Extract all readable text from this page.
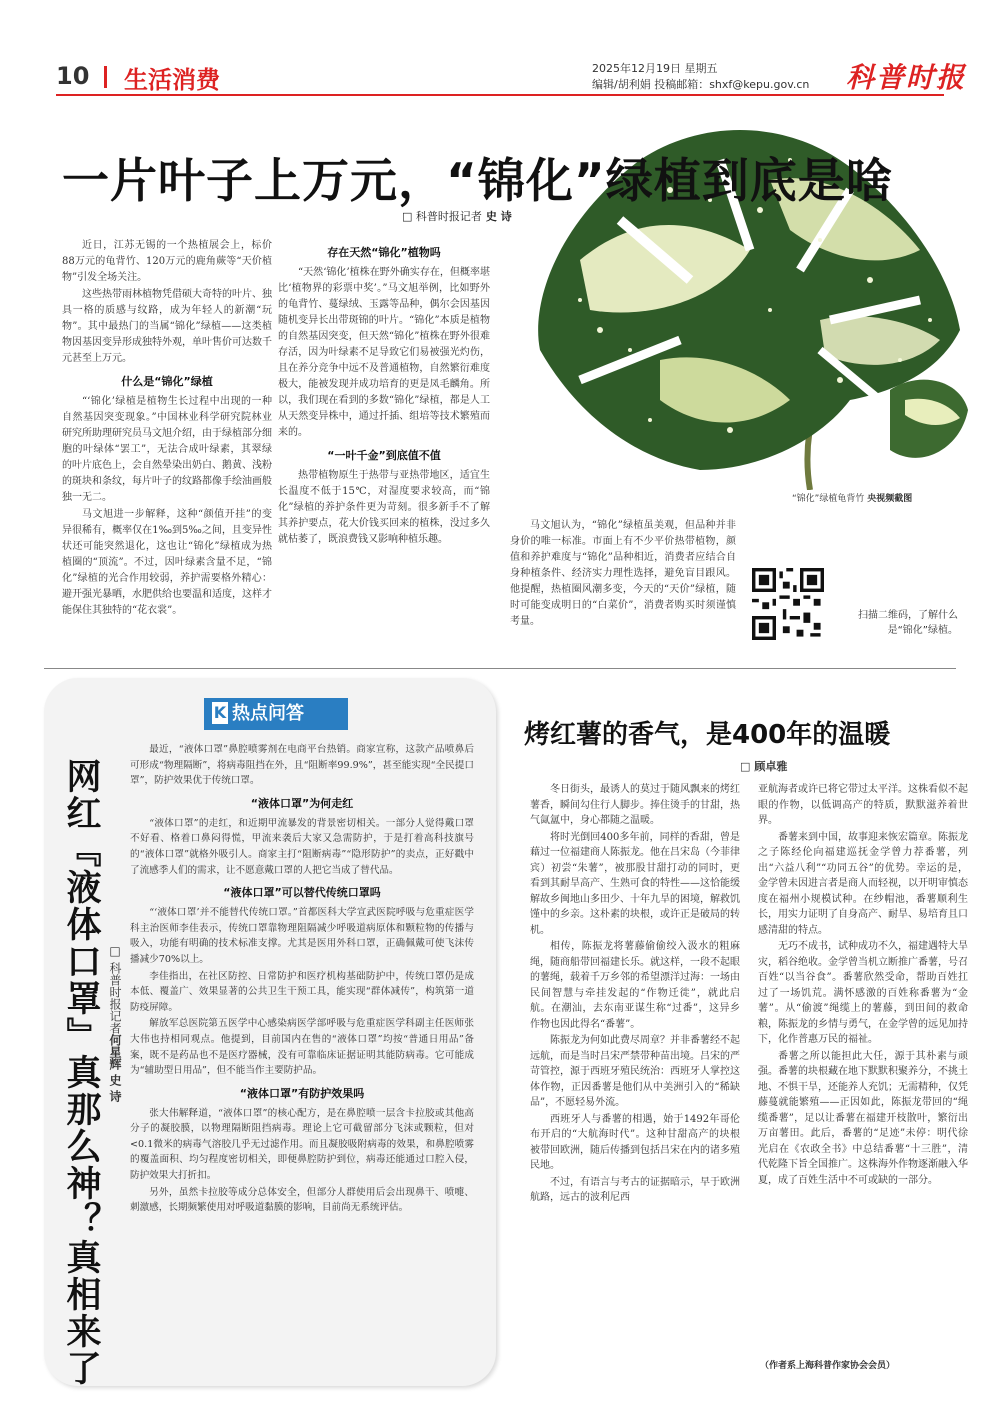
10 生活消费	2025年12月19日 星期五
编辑/胡利娟 投稿邮箱：shxf@kepu.gov.cn 科普时报
一片叶子上万元，“锦化”绿植到底是啥
□ 科普时报记者 史 诗

近日，江苏无锡的一个热植展会上，标价88万元的龟背竹、120万元的鹿角蕨等“天价植物”引发全场关注。

这些热带雨林植物凭借硕大奇特的叶片、独具一格的质感与纹路，成为年轻人的新潮“玩物”。其中最热门的当属“锦化”绿植——这类植物因基因变异形成独特外观，单叶售价可达数千元甚至上万元。

什么是“锦化”绿植

“‘锦化’绿植是植物生长过程中出现的一种自然基因突变现象。”中国林业科学研究院林业研究所助理研究员马文旭介绍，由于绿植部分细胞的叶绿体“罢工”，无法合成叶绿素，其翠绿的叶片底色上，会自然晕染出奶白、鹅黄、浅粉的斑块和条纹，每片叶子的纹路都像手绘油画般独一无二。

马文旭进一步解释，这种“颜值开挂”的变异很稀有，概率仅在1‰到5‰之间，且变异性状还可能突然退化，这也让“锦化”绿植成为热植圈的“顶流”。不过，因叶绿素含量不足，“锦化”绿植的光合作用较弱，养护需要格外精心：避开强光暴晒，水肥供给也要温和适度，这样才能保住其独特的“花衣裳”。

存在天然“锦化”植物吗

“天然‘锦化’植株在野外确实存在，但概率堪比‘植物界的彩票中奖’。”马文旭举例，比如野外的龟背竹、蔓绿绒、玉露等品种，偶尔会因基因随机变异长出带斑锦的叶片。“锦化”本质是植物的自然基因突变，但天然“锦化”植株在野外很难存活，因为叶绿素不足导致它们易被强光灼伤，且在养分竞争中远不及普通植物，自然繁衍难度极大，能被发现并成功培育的更是凤毛麟角。所以，我们现在看到的多数“锦化”绿植，都是人工从天然变异株中，通过扦插、组培等技术繁殖而来的。

“一叶千金”到底值不值

热带植物原生于热带与亚热带地区，适宜生长温度不低于15℃，对湿度要求较高，而“锦化”绿植的养护条件更为苛刻。很多新手不了解其养护要点，花大价钱买回来的植株，没过多久就枯萎了，既浪费钱又影响种植乐趣。

马文旭认为，“锦化”绿植虽美观，但品种并非身价的唯一标准。市面上有不少平价热带植物，颜值和养护难度与“锦化”品种相近，消费者应结合自身种植条件、经济实力理性选择，避免盲目跟风。他提醒，热植圈风潮多变，今天的“天价”绿植，随时可能变成明日的“白菜价”，消费者购买时须谨慎考量。

“锦化”绿植龟背竹 央视频截图
扫描二维码，了解什么是“锦化”绿植。
K 热点问答
网红『液体口罩』真那么神？真相来了 □ 科普时报记者何星辉 史 诗

最近，“液体口罩”鼻腔喷雾剂在电商平台热销。商家宣称，这款产品喷鼻后可形成“物理隔断”，将病毒阻挡在外，且“阻断率99.9%”，甚至能实现“全民提口罩”，防护效果优于传统口罩。

“液体口罩”为何走红

“液体口罩”的走红，和近期甲流暴发的背景密切相关。一部分人觉得戴口罩不好看、格着口鼻闷得慌，甲流来袭后大家又急需防护，于是打着高科技旗号的“液体口罩”就格外吸引人。商家主打“阻断病毒”“隐形防护”的卖点，正好戳中了流感季人们的需求，让不愿意戴口罩的人把它当成了替代品。

“液体口罩”可以替代传统口罩吗

“‘液体口罩’并不能替代传统口罩。”首都医科大学宣武医院呼吸与危重症医学科主治医师李佳表示，传统口罩靠物理阻隔减少呼吸道病原体和颗粒物的传播与吸入，功能有明确的技术标准支撑。尤其是医用外科口罩，正确佩戴可使飞沫传播减少70%以上。

李佳指出，在社区防控、日常防护和医疗机构基础防护中，传统口罩仍是成本低、覆盖广、效果显著的公共卫生干预工具，能实现“群体减传”，构筑第一道防疫屏障。

解放军总医院第五医学中心感染病医学部呼吸与危重症医学科副主任医师张大伟也持相同观点。他提到，目前国内在售的“液体口罩”均按“普通日用品”备案，既不是药品也不是医疗器械，没有可靠临床证据证明其能防病毒。它可能成为“辅助型日用品”，但不能当作主要防护品。

“液体口罩”有防护效果吗

张大伟解释道，“液体口罩”的核心配方，是在鼻腔喷一层含卡拉胶或其他高分子的凝胶膜，以物理隔断阻挡病毒。理论上它可截留部分飞沫或颗粒，但对<0.1微米的病毒气溶胶几乎无过滤作用。而且凝胶吸附病毒的效果，和鼻腔喷雾的覆盖面积、均匀程度密切相关，即便鼻腔防护到位，病毒还能通过口腔入侵，防护效果大打折扣。

另外，虽然卡拉胶等成分总体安全，但部分人群使用后会出现鼻干、喷嚏、刺激感，长期频繁使用对呼吸道黏膜的影响，目前尚无系统评估。

烤红薯的香气，是400年的温暖
□ 顾卓雅

冬日街头，最诱人的莫过于随风飘来的烤红薯香，瞬间勾住行人脚步。捧住烫手的甘甜，热气氤氲中，身心都随之温暖。

将时光倒回400多年前，同样的香甜，曾是藉过一位福建商人陈振龙。他在吕宋岛（今菲律宾）初尝“朱薯”，被那股甘甜打动的同时，更看到其耐旱高产、生熟可食的特性——这恰能缓解故乡闽地山多田少、十年九旱的困境，解救饥馑中的乡亲。这朴素的块根，或许正是破局的转机。

相传，陈振龙将薯藤偷偷绞入汲水的粗麻绳，随商船带回福建长乐。就这样，一段不起眼的薯绳，载着千万乡邻的希望漂洋过海：一场由民间智慧与牵挂发起的“作物迁徙”，就此启航。在潮汕，去东南亚谋生称“过番”，这异乡作物也因此得名“番薯”。

陈振龙为何如此费尽周章？并非番薯经不起远航，而是当时吕宋严禁带种苗出境。吕宋的严苛管控，源于西班牙殖民统治：西班牙人掌控这体作物，正因番薯是他们从中美洲引入的“稀缺品”，不愿轻易外流。

西班牙人与番薯的相遇，始于1492年哥伦布开启的“大航海时代”。这种甘甜高产的块根被带回欧洲，随后传播到包括吕宋在内的诸多殖民地。

不过，有语言与考古的证据暗示，早于欧洲航路，远古的波利尼西

亚航海者或许已将它带过太平洋。这株看似不起眼的作物，以低调高产的特质，默默滋养着世界。

番薯来到中国，故事迎来恢宏篇章。陈振龙之子陈经伦向福建巡抚金学曾力荐番薯，列出“六益八利”“功同五谷”的优势。幸运的是，金学曾未因进言者是商人而轻视，以开明审慎态度在福州小规模试种。在纱帽池，番薯顺利生长，用实力证明了自身高产、耐旱、易培育且口感清甜的特点。

无巧不成书，试种成功不久，福建遇特大旱灾，稻谷绝收。金学曾当机立断推广番薯，号召百姓“以当谷食”。番薯欣然受命，帮助百姓扛过了一场饥荒。满怀感激的百姓称番薯为“金薯”。从“偷渡”绳缆上的薯藤，到田间的救命粮，陈振龙的乡情与勇气，在金学曾的远见加持下，化作普惠万民的福祉。

番薯之所以能担此大任，源于其朴素与顽强。番薯的块根藏在地下默默积聚养分，不挑土地、不惧干旱，还能养人充饥；无需精种，仅凭藤蔓就能繁殖——正因如此，陈振龙带回的“绳缆番薯”，足以让番薯在福建开枝散叶，繁衍出万亩薯田。此后，番薯的“足迹”未停：明代徐光启在《农政全书》中总结番薯“十三胜”，清代乾隆下旨全国推广。这株海外作物逐渐融入华夏，成了百姓生活中不可或缺的一部分。

（作者系上海科普作家协会会员）
